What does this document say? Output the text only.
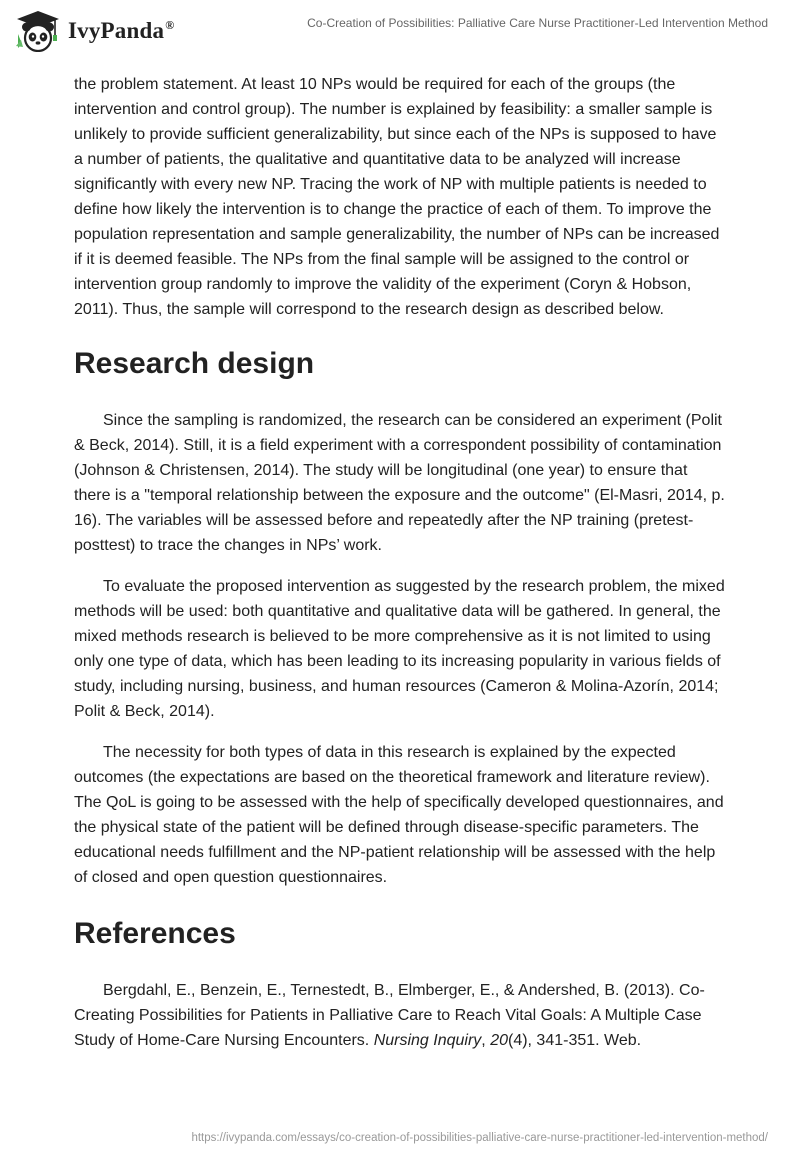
IvyPanda®	Co-Creation of Possibilities: Palliative Care Nurse Practitioner-Led Intervention Method

the problem statement. At least 10 NPs would be required for each of the groups (the intervention and control group). The number is explained by feasibility: a smaller sample is unlikely to provide sufficient generalizability, but since each of the NPs is supposed to have a number of patients, the qualitative and quantitative data to be analyzed will increase significantly with every new NP. Tracing the work of NP with multiple patients is needed to define how likely the intervention is to change the practice of each of them. To improve the population representation and sample generalizability, the number of NPs can be increased if it is deemed feasible. The NPs from the final sample will be assigned to the control or intervention group randomly to improve the validity of the experiment (Coryn & Hobson, 2011). Thus, the sample will correspond to the research design as described below.

Research design

Since the sampling is randomized, the research can be considered an experiment (Polit & Beck, 2014). Still, it is a field experiment with a correspondent possibility of contamination (Johnson & Christensen, 2014). The study will be longitudinal (one year) to ensure that there is a "temporal relationship between the exposure and the outcome" (El-Masri, 2014, p. 16). The variables will be assessed before and repeatedly after the NP training (pretest-posttest) to trace the changes in NPs’ work.

To evaluate the proposed intervention as suggested by the research problem, the mixed methods will be used: both quantitative and qualitative data will be gathered. In general, the mixed methods research is believed to be more comprehensive as it is not limited to using only one type of data, which has been leading to its increasing popularity in various fields of study, including nursing, business, and human resources (Cameron & Molina-Azorín, 2014; Polit & Beck, 2014).

The necessity for both types of data in this research is explained by the expected outcomes (the expectations are based on the theoretical framework and literature review). The QoL is going to be assessed with the help of specifically developed questionnaires, and the physical state of the patient will be defined through disease-specific parameters. The educational needs fulfillment and the NP-patient relationship will be assessed with the help of closed and open question questionnaires.

References

Bergdahl, E., Benzein, E., Ternestedt, B., Elmberger, E., & Andershed, B. (2013). Co-Creating Possibilities for Patients in Palliative Care to Reach Vital Goals: A Multiple Case Study of Home-Care Nursing Encounters. Nursing Inquiry, 20(4), 341-351. Web.

https://ivypanda.com/essays/co-creation-of-possibilities-palliative-care-nurse-practitioner-led-intervention-method/
